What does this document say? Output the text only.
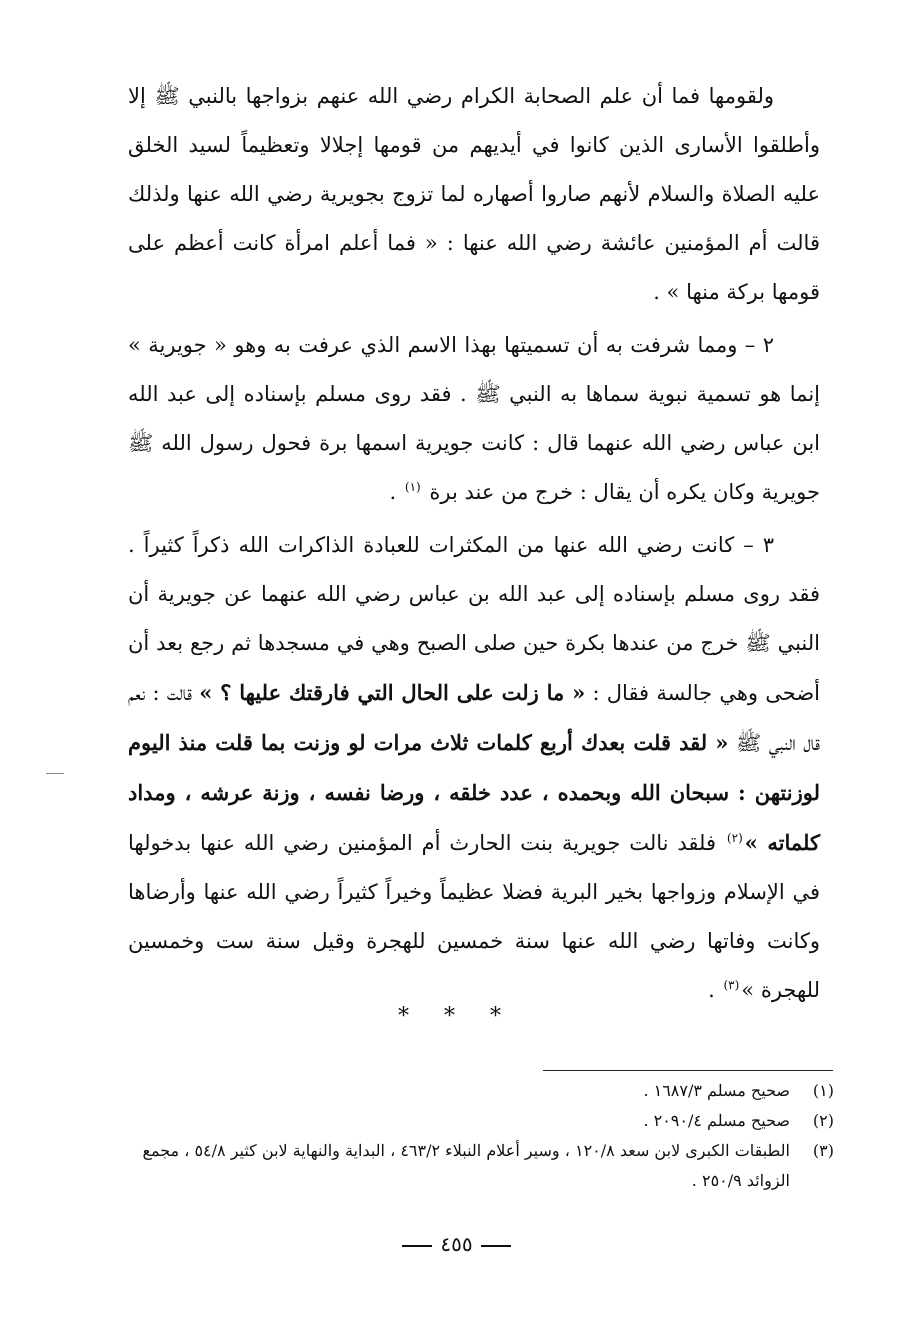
ولقومها فما أن علم الصحابة الكرام رضي الله عنهم بزواجها بالنبي ﷺ إلا وأطلقوا الأسارى الذين كانوا في أيديهم من قومها إجلالا وتعظيماً لسيد الخلق عليه الصلاة والسلام لأنهم صاروا أصهاره لما تزوج بجويرية رضي الله عنها ولذلك قالت أم المؤمنين عائشة رضي الله عنها : « فما أعلم امرأة كانت أعظم على قومها بركة منها » .

٢ – ومما شرفت به أن تسميتها بهذا الاسم الذي عرفت به وهو « جويرية » إنما هو تسمية نبوية سماها به النبي ﷺ . فقد روى مسلم بإسناده إلى عبد الله ابن عباس رضي الله عنهما قال : كانت جويرية اسمها برة فحول رسول الله ﷺ جويرية وكان يكره أن يقال : خرج من عند برة $^{(١)}$ .

٣ – كانت رضي الله عنها من المكثرات للعبادة الذاكرات الله ذكراً كثيراً . فقد روى مسلم بإسناده إلى عبد الله بن عباس رضي الله عنهما عن جويرية أن النبي ﷺ خرج من عندها بكرة حين صلى الصبح وهي في مسجدها ثم رجع بعد أن أضحى وهي جالسة فقال : « ما زلت على الحال التي فارقتك عليها ؟ » قالت : نعم قال النبي ﷺ « لقد قلت بعدك أربع كلمات ثلاث مرات لو وزنت بما قلت منذ اليوم لوزنتهن : سبحان الله وبحمده ، عدد خلقه ، ورضا نفسه ، وزنة عرشه ، ومداد كلماته »$^{(٢)}$ فلقد نالت جويرية بنت الحارث أم المؤمنين رضي الله عنها بدخولها في الإسلام وزواجها بخير البرية فضلا عظيماً وخيراً كثيراً رضي الله عنها وأرضاها وكانت وفاتها رضي الله عنها سنة خمسين للهجرة وقيل سنة ست وخمسين للهجرة »$^{(٣)}$ .

* * *
(١)
صحيح مسلم ١٦٨٧/٣ .
(٢)
صحيح مسلم ٢٠٩٠/٤ .
(٣)
الطبقات الكبرى لابن سعد ١٢٠/٨ ، وسير أعلام النبلاء ٤٦٣/٢ ، البداية والنهاية لابن كثير ٥٤/٨ ، مجمع الزوائد ٢٥٠/٩ .
٤٥٥
